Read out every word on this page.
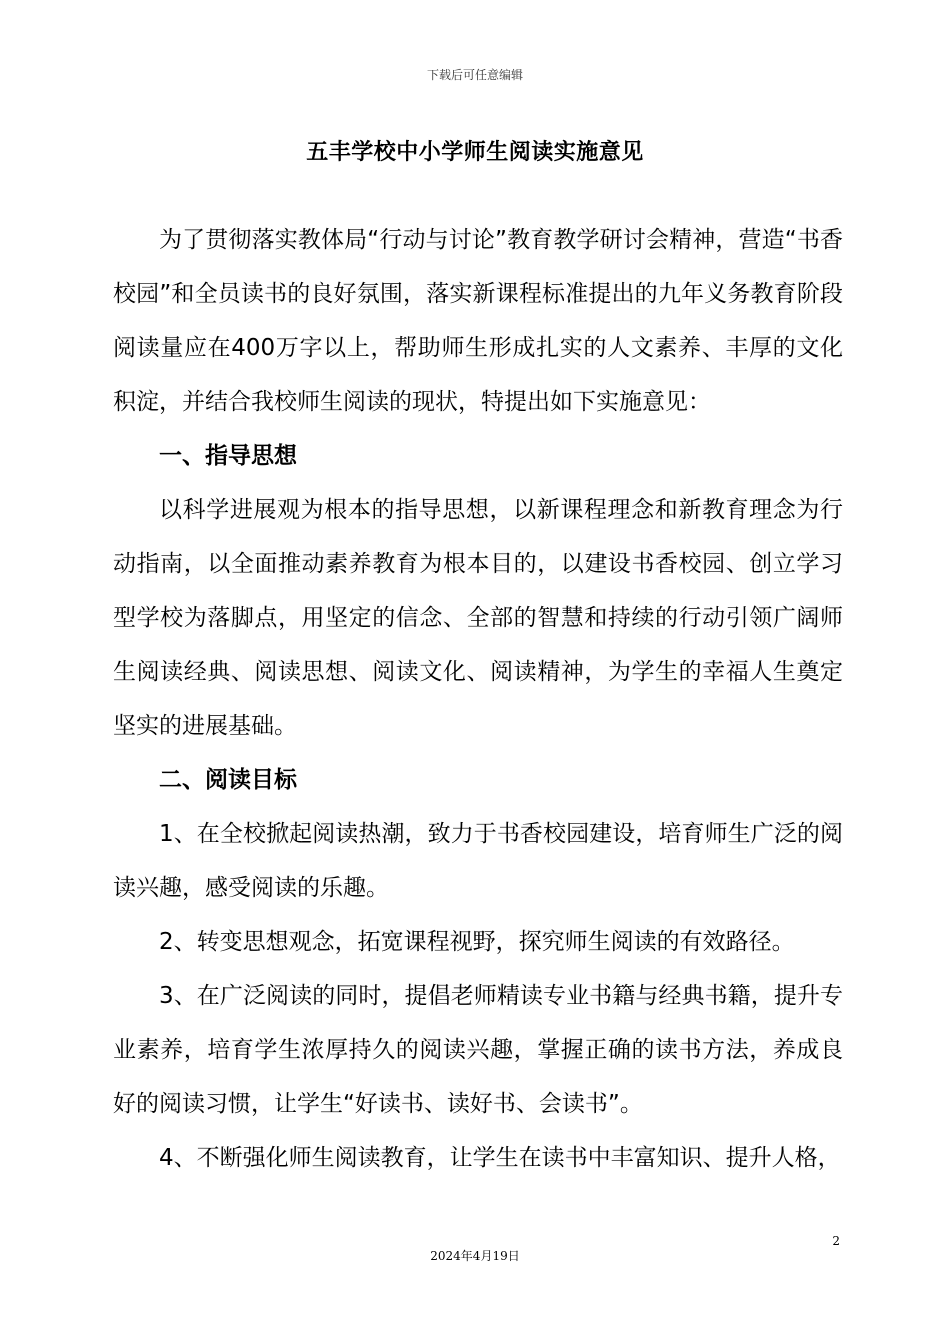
下载后可任意编辑
五丰学校中小学师生阅读实施意见

为了贯彻落实教体局“行动与讨论”教育教学研讨会精神，营造“书香校园”和全员读书的良好氛围，落实新课程标准提出的九年义务教育阶段阅读量应在400万字以上，帮助师生形成扎实的人文素养、丰厚的文化积淀，并结合我校师生阅读的现状，特提出如下实施意见：

一、指导思想

以科学进展观为根本的指导思想，以新课程理念和新教育理念为行动指南，以全面推动素养教育为根本目的，以建设书香校园、创立学习型学校为落脚点，用坚定的信念、全部的智慧和持续的行动引领广阔师生阅读经典、阅读思想、阅读文化、阅读精神，为学生的幸福人生奠定坚实的进展基础。

二、阅读目标

1、在全校掀起阅读热潮，致力于书香校园建设，培育师生广泛的阅读兴趣，感受阅读的乐趣。

2、转变思想观念，拓宽课程视野，探究师生阅读的有效路径。

3、在广泛阅读的同时，提倡老师精读专业书籍与经典书籍，提升专业素养，培育学生浓厚持久的阅读兴趣，掌握正确的读书方法，养成良好的阅读习惯，让学生“好读书、读好书、会读书”。

4、不断强化师生阅读教育，让学生在读书中丰富知识、提升人格，

2
2024年4月19日
